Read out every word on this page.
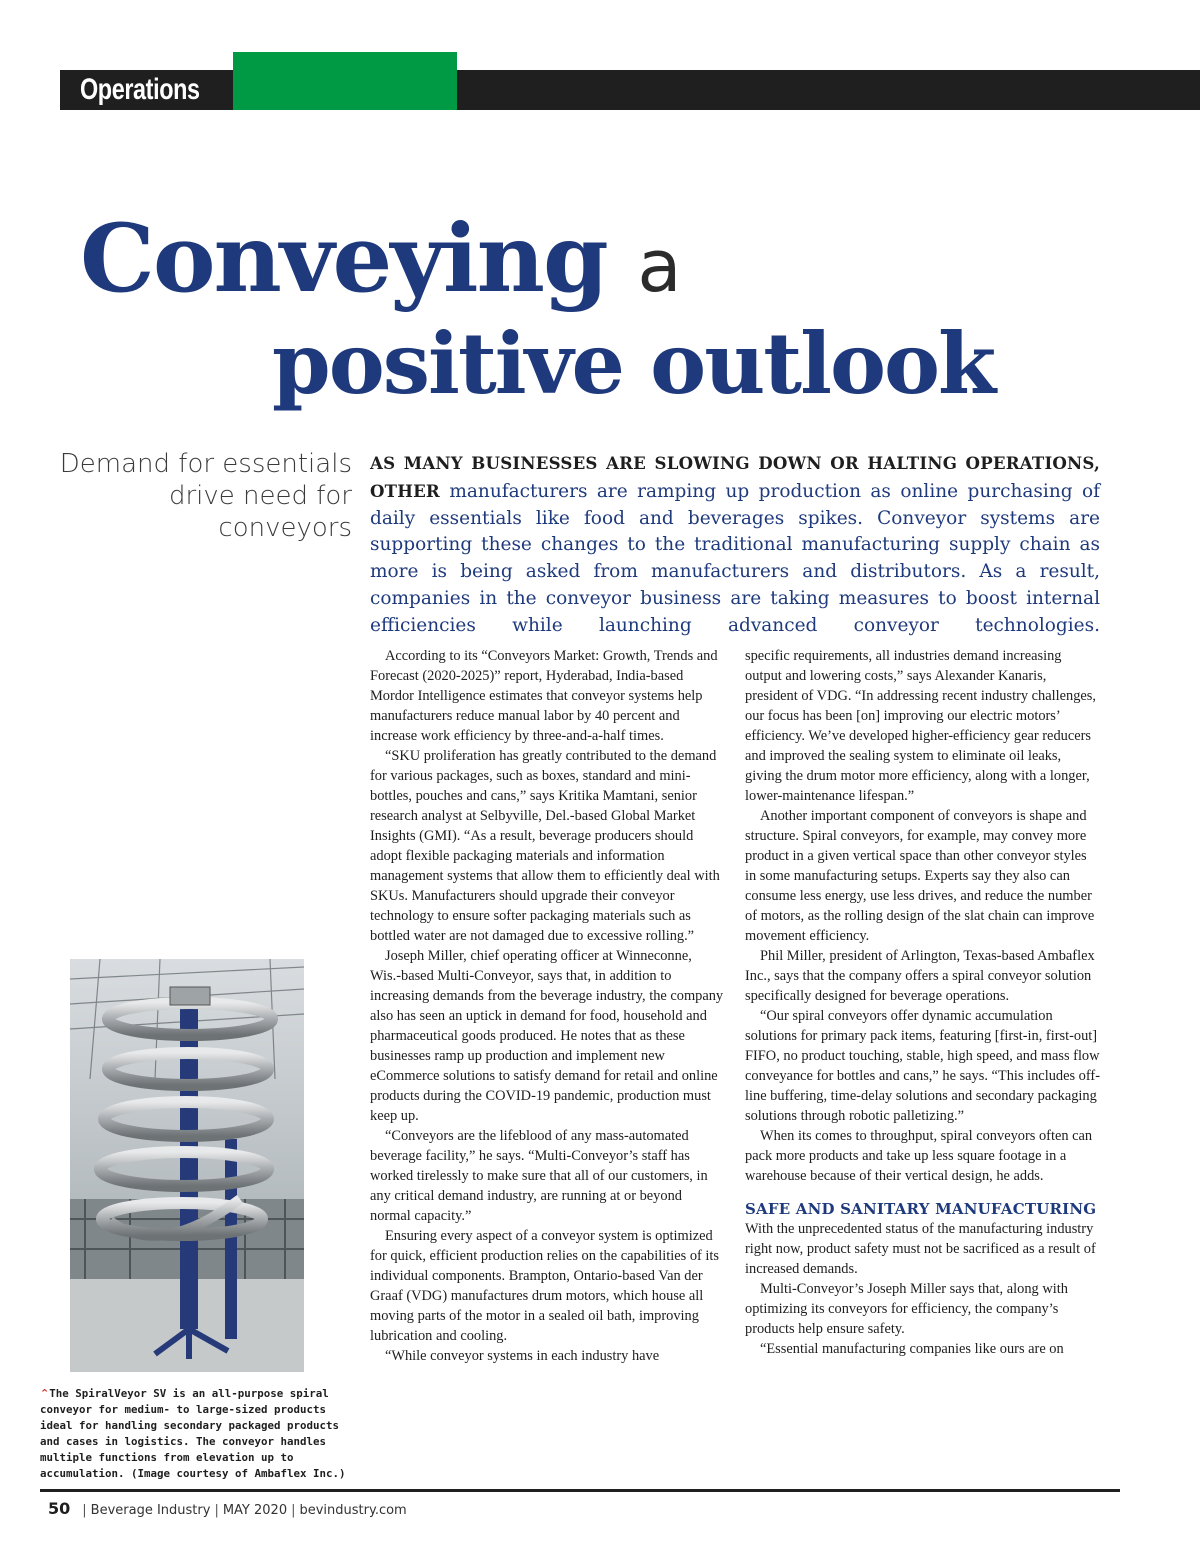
Operations
Conveying a
positive outlook
Demand for essentials drive need for conveyors
AS MANY BUSINESSES ARE SLOWING DOWN OR HALTING OPERATIONS, OTHER manufacturers are ramping up production as online purchasing of daily essentials like food and beverages spikes. Conveyor systems are supporting these changes to the traditional manufacturing supply chain as more is being asked from manufacturers and distributors. As a result, companies in the conveyor business are taking measures to boost internal efficiencies while launching advanced conveyor technologies.

According to its “Conveyors Market: Growth, Trends and Forecast (2020-2025)” report, Hyderabad, India-based Mordor Intelligence estimates that conveyor systems help manufacturers reduce manual labor by 40 percent and increase work efficiency by three-and-a-half times.

“SKU proliferation has greatly contributed to the demand for various packages, such as boxes, standard and mini-bottles, pouches and cans,” says Kritika Mamtani, senior research analyst at Selbyville, Del.-based Global Market Insights (GMI). “As a result, beverage producers should adopt flexible packaging materials and information management systems that allow them to efficiently deal with SKUs. Manufacturers should upgrade their conveyor technology to ensure softer packaging materials such as bottled water are not damaged due to excessive rolling.”

Joseph Miller, chief operating officer at Winneconne, Wis.-based Multi-Conveyor, says that, in addition to increasing demands from the beverage industry, the company also has seen an uptick in demand for food, household and pharmaceutical goods produced. He notes that as these businesses ramp up production and implement new eCommerce solutions to satisfy demand for retail and online products during the COVID-19 pandemic, production must keep up.

“Conveyors are the lifeblood of any mass-automated beverage facility,” he says. “Multi-Conveyor’s staff has worked tirelessly to make sure that all of our customers, in any critical demand industry, are running at or beyond normal capacity.”

Ensuring every aspect of a conveyor system is optimized for quick, efficient production relies on the capabilities of its individual components. Brampton, Ontario-based Van der Graaf (VDG) manufactures drum motors, which house all moving parts of the motor in a sealed oil bath, improving lubrication and cooling.

“While conveyor systems in each industry have

specific requirements, all industries demand increasing output and lowering costs,” says Alexander Kanaris, president of VDG. “In addressing recent industry challenges, our focus has been [on] improving our electric motors’ efficiency. We’ve developed higher-efficiency gear reducers and improved the sealing system to eliminate oil leaks, giving the drum motor more efficiency, along with a longer, lower-maintenance lifespan.”

Another important component of conveyors is shape and structure. Spiral conveyors, for example, may convey more product in a given vertical space than other conveyor styles in some manufacturing setups. Experts say they also can consume less energy, use less drives, and reduce the number of motors, as the rolling design of the slat chain can improve movement efficiency.

Phil Miller, president of Arlington, Texas-based Ambaflex Inc., says that the company offers a spiral conveyor solution specifically designed for beverage operations.

“Our spiral conveyors offer dynamic accumulation solutions for primary pack items, featuring [first-in, first-out] FIFO, no product touching, stable, high speed, and mass flow conveyance for bottles and cans,” he says. “This includes off-line buffering, time-delay solutions and secondary packaging solutions through robotic palletizing.”

When its comes to throughput, spiral conveyors often can pack more products and take up less square footage in a warehouse because of their vertical design, he adds.

SAFE AND SANITARY MANUFACTURING

With the unprecedented status of the manufacturing industry right now, product safety must not be sacrificed as a result of increased demands.

Multi-Conveyor’s Joseph Miller says that, along with optimizing its conveyors for efficiency, the company’s products help ensure safety.

“Essential manufacturing companies like ours are on

⌃The SpiralVeyor SV is an all-purpose spiral conveyor for medium- to large-sized products ideal for handling secondary packaged products and cases in logistics. The conveyor handles multiple functions from elevation up to accumulation. (Image courtesy of Ambaflex Inc.)
50 | Beverage Industry | MAY 2020 | bevindustry.com
